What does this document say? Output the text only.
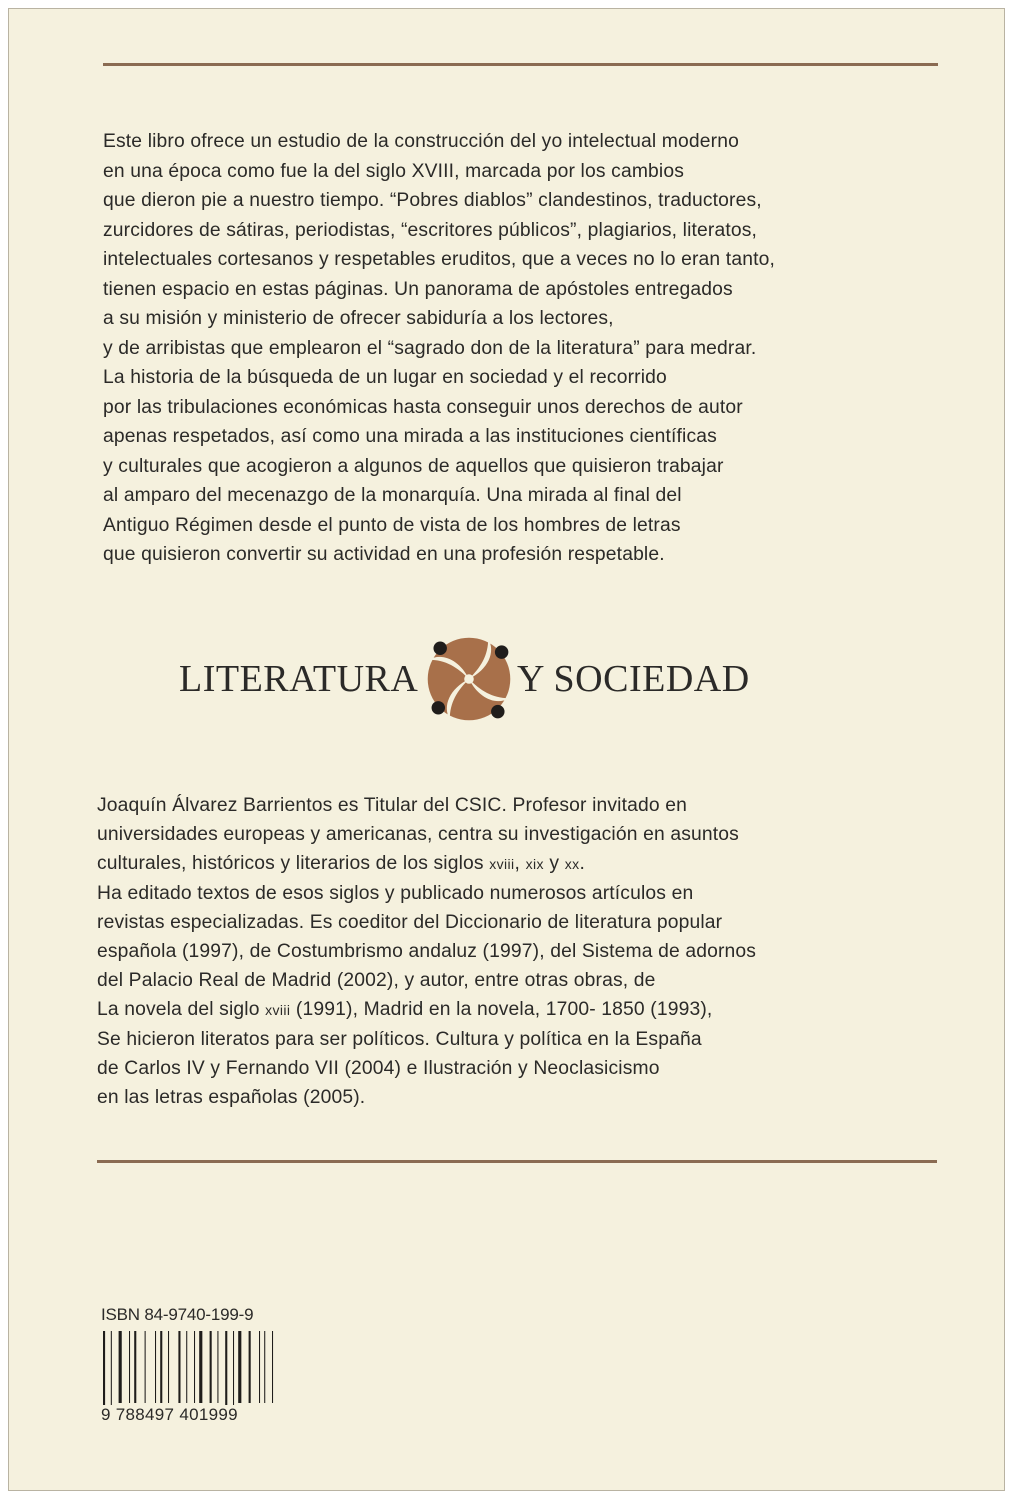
Este libro ofrece un estudio de la construcción del yo intelectual moderno
en una época como fue la del siglo XVIII, marcada por los cambios
que dieron pie a nuestro tiempo. “Pobres diablos” clandestinos, traductores,
zurcidores de sátiras, periodistas, “escritores públicos”, plagiarios, literatos,
intelectuales cortesanos y respetables eruditos, que a veces no lo eran tanto,
tienen espacio en estas páginas. Un panorama de apóstoles entregados
a su misión y ministerio de ofrecer sabiduría a los lectores,
y de arribistas que emplearon el “sagrado don de la literatura” para medrar.
La historia de la búsqueda de un lugar en sociedad y el recorrido
por las tribulaciones económicas hasta conseguir unos derechos de autor
apenas respetados, así como una mirada a las instituciones científicas
y culturales que acogieron a algunos de aquellos que quisieron trabajar
al amparo del mecenazgo de la monarquía. Una mirada al final del
Antiguo Régimen desde el punto de vista de los hombres de letras
que quisieron convertir su actividad en una profesión respetable.
LITERATURA	Y SOCIEDAD
Joaquín Álvarez Barrientos es Titular del CSIC. Profesor invitado en
universidades europeas y americanas, centra su investigación en asuntos
culturales, históricos y literarios de los siglos xviii, xix y xx.
Ha editado textos de esos siglos y publicado numerosos artículos en
revistas especializadas. Es coeditor del Diccionario de literatura popular
española (1997), de Costumbrismo andaluz (1997), del Sistema de adornos
del Palacio Real de Madrid (2002), y autor, entre otras obras, de
La novela del siglo xviii (1991), Madrid en la novela, 1700- 1850 (1993),
Se hicieron literatos para ser políticos. Cultura y política en la España
de Carlos IV y Fernando VII (2004) e Ilustración y Neoclasicismo
en las letras españolas (2005).
ISBN 84-9740-199-9
9 788497 401999
